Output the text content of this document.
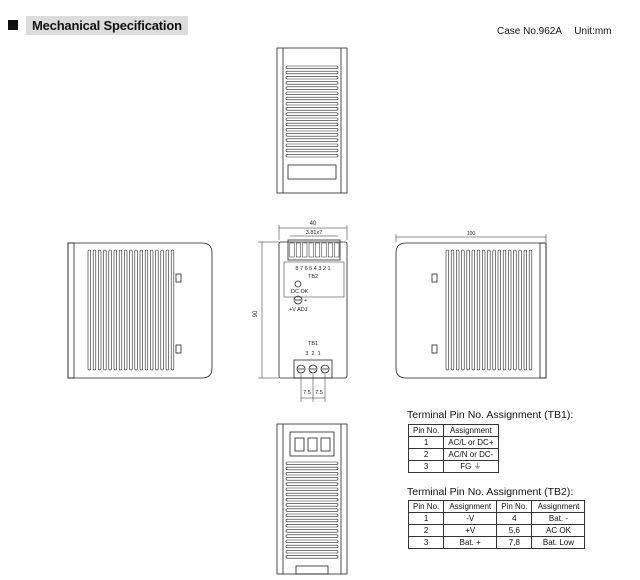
Mechanical Specification	Case No.962A Unit:mm
100
40
90
3.81x7
8 7 6 5 4 3 2 1
TB2
DC OK
+
+V ADJ
TB1
3  2  1
7.5 7.5
Terminal Pin No. Assignment (TB1):
Pin No.	Assignment
1	AC/L or DC+
2	AC/N or DC-
3	FG ⏚
Terminal Pin No. Assignment (TB2):
Pin No.	Assignment	Pin No.	Assignment
1	-V	4	Bat. -
2	+V	5,6	AC OK
3	Bat. +	7,8	Bat. Low
